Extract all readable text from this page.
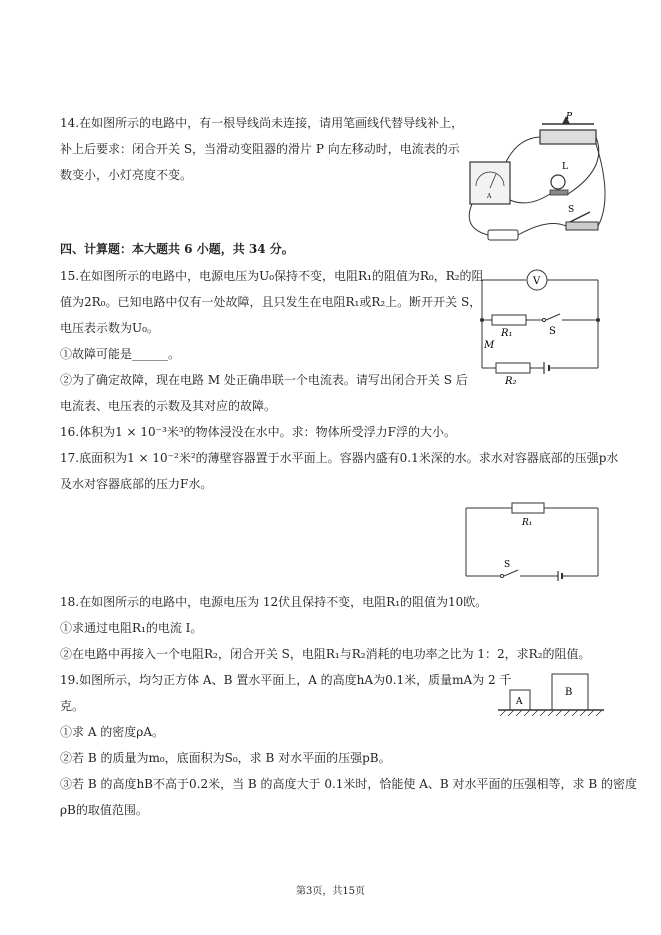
14.在如图所示的电路中，有一根导线尚未连接，请用笔画线代替导线补上，
补上后要求：闭合开关 S，当滑动变阻器的滑片 P 向左移动时，电流表的示
数变小，小灯亮度不变。
P
L
A
S
四、计算题：本大题共 6 小题，共 34 分。
15.在如图所示的电路中，电源电压为U₀保持不变，电阻R₁的阻值为R₀，R₂的阻
值为2R₀。已知电路中仅有一处故障，且只发生在电阻R₁或R₂上。断开开关 S，
电压表示数为U₀。
①故障可能是______。
②为了确定故障，现在电路 M 处正确串联一个电流表。请写出闭合开关 S 后
电流表、电压表的示数及其对应的故障。
V
R₁	S
M
R₂
16.体积为1 × 10⁻³米³的物体浸没在水中。求：物体所受浮力F浮的大小。
17.底面积为1 × 10⁻²米²的薄壁容器置于水平面上。容器内盛有0.1米深的水。求水对容器底部的压强p水
及水对容器底部的压力F水。
R₁
S
18.在如图所示的电路中，电源电压为 12伏且保持不变，电阻R₁的阻值为10欧。
①求通过电阻R₁的电流 I。
②在电路中再接入一个电阻R₂，闭合开关 S，电阻R₁与R₂消耗的电功率之比为 1：2，求R₂的阻值。
19.如图所示，均匀正方体 A、B 置水平面上，A 的高度hA为0.1米，质量mA为 2 千
克。
①求 A 的密度ρA。
②若 B 的质量为m₀，底面积为S₀，求 B 对水平面的压强pB。
③若 B 的高度hB不高于0.2米，当 B 的高度大于 0.1米时，恰能使 A、B 对水平面的压强相等，求 B 的密度
ρB的取值范围。
A
B
第3页，共15页
